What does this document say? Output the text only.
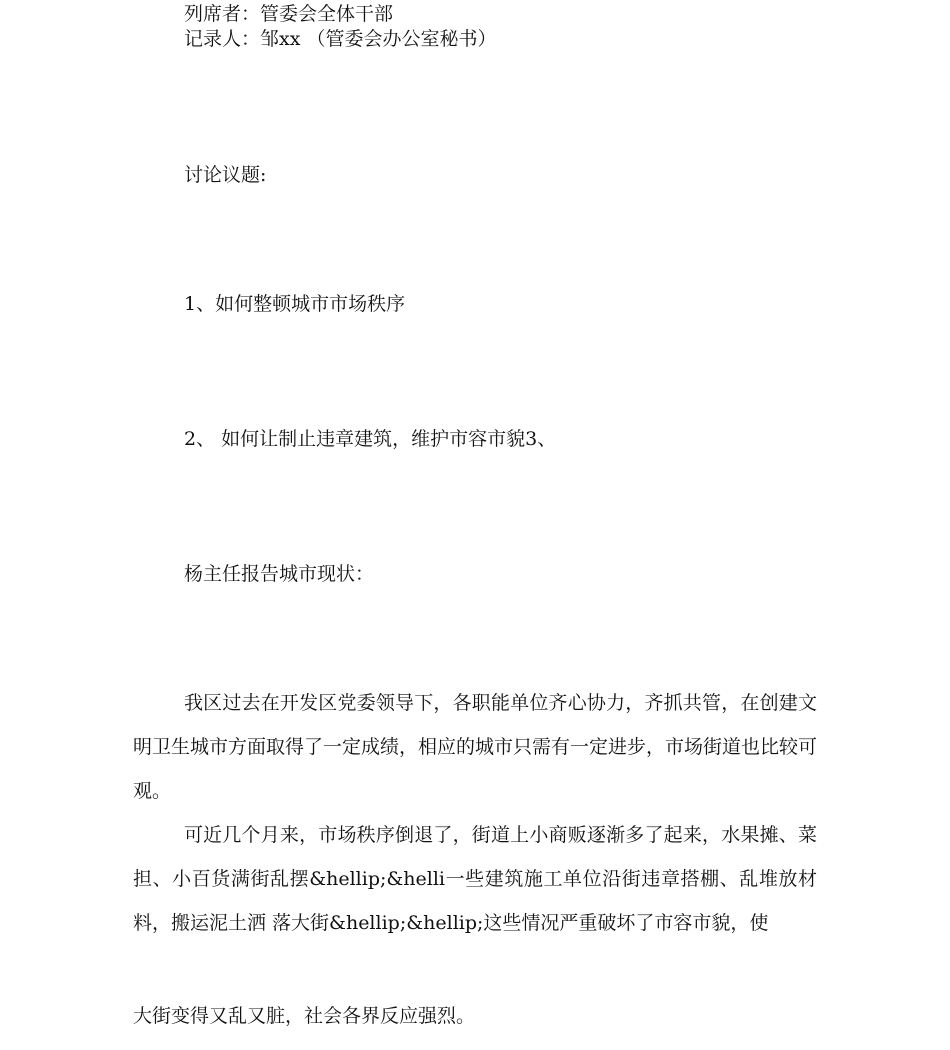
列席者：管委会全体干部
记录人：邹xx （管委会办公室秘书）
讨论议题:
1、如何整顿城市市场秩序
2、 如何让制止违章建筑，维护市容市貌3、
杨主任报告城市现状：
我区过去在开发区党委领导下，各职能单位齐心协力，齐抓共管，在创建文明卫生城市方面取得了一定成绩，相应的城市只需有一定进步，市场街道也比较可观。
可近几个月来，市场秩序倒退了，街道上小商贩逐渐多了起来，水果摊、菜担、小百货满街乱摆&hellip;&helli一些建筑施工单位沿街违章搭棚、乱堆放材料，搬运泥土洒 落大街&hellip;&hellip;这些情况严重破坏了市容市貌，使
大街变得又乱又脏，社会各界反应强烈。
